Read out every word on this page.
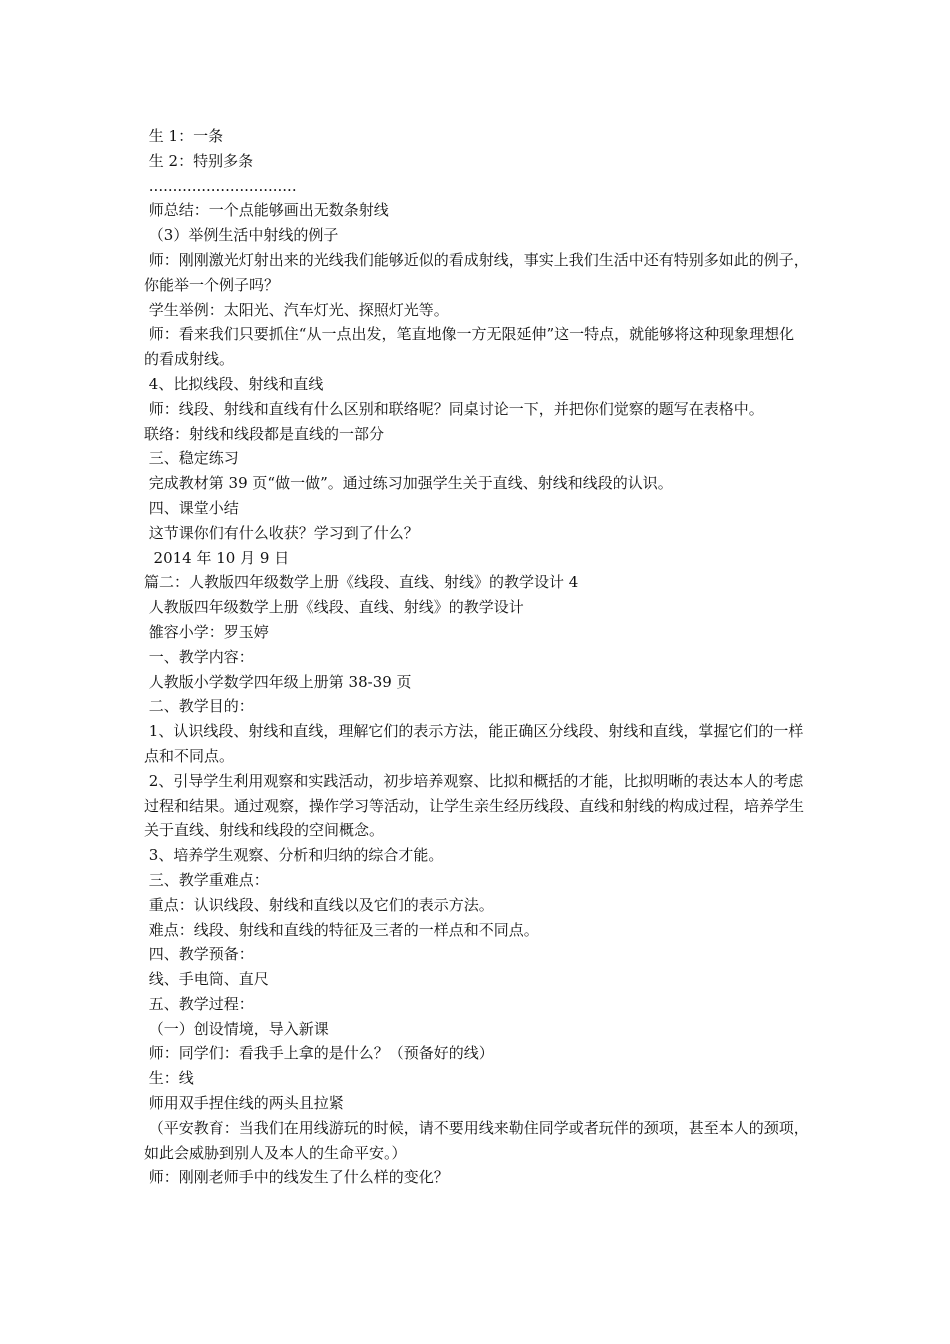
生 1：一条

生 2：特别多条

...............................

师总结：一个点能够画出无数条射线

（3）举例生活中射线的例子

师：刚刚激光灯射出来的光线我们能够近似的看成射线，事实上我们生活中还有特别多如此的例子，你能举一个例子吗？

学生举例：太阳光、汽车灯光、探照灯光等。

师：看来我们只要抓住“从一点出发，笔直地像一方无限延伸”这一特点，就能够将这种现象理想化的看成射线。

4、比拟线段、射线和直线

师：线段、射线和直线有什么区别和联络呢？同桌讨论一下，并把你们觉察的题写在表格中。

联络：射线和线段都是直线的一部分

三、稳定练习

完成教材第 39 页“做一做”。通过练习加强学生关于直线、射线和线段的认识。

四、课堂小结

这节课你们有什么收获？学习到了什么？

2014 年 10 月 9 日

篇二：人教版四年级数学上册《线段、直线、射线》的教学设计 4

人教版四年级数学上册《线段、直线、射线》的教学设计

雒容小学：罗玉婷

一、教学内容：

人教版小学数学四年级上册第 38-39 页

二、教学目的：

1、认识线段、射线和直线，理解它们的表示方法，能正确区分线段、射线和直线，掌握它们的一样点和不同点。

2、引导学生利用观察和实践活动，初步培养观察、比拟和概括的才能，比拟明晰的表达本人的考虑过程和结果。通过观察，操作学习等活动，让学生亲生经历线段、直线和射线的构成过程，培养学生关于直线、射线和线段的空间概念。

3、培养学生观察、分析和归纳的综合才能。

三、教学重难点：

重点：认识线段、射线和直线以及它们的表示方法。

难点：线段、射线和直线的特征及三者的一样点和不同点。

四、教学预备：

线、手电筒、直尺

五、教学过程：

（一）创设情境，导入新课

师：同学们：看我手上拿的是什么？（预备好的线）

生：线

师用双手捏住线的两头且拉紧

（平安教育：当我们在用线游玩的时候，请不要用线来勒住同学或者玩伴的颈项，甚至本人的颈项，如此会威胁到别人及本人的生命平安。）

师：刚刚老师手中的线发生了什么样的变化？
